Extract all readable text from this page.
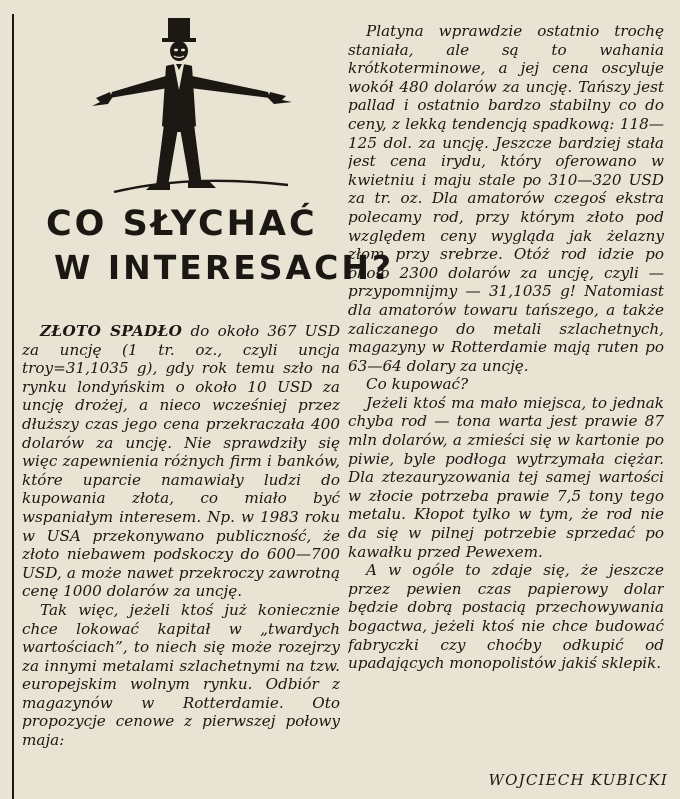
CO SŁYCHAĆ
W INTERESACH?

ZŁOTO SPADŁO do około 367 USD za uncję (1 tr. oz., czyli uncja troy=31,1035 g), gdy rok temu szło na rynku londyńskim o około 10 USD za uncję drożej, a nieco wcześniej przez dłuższy czas jego cena przekraczała 400 dolarów za uncję. Nie sprawdziły się więc zapewnienia różnych firm i banków, które uparcie namawiały ludzi do kupowania złota, co miało być wspaniałym interesem. Np. w 1983 roku w USA przekonywano publiczność, że złoto niebawem podskoczy do 600—700 USD, a może nawet przekroczy zawrotną cenę 1000 dolarów za uncję.

Tak więc, jeżeli ktoś już koniecznie chce lokować kapitał w „twardych wartościach”, to niech się może rozejrzy za innymi metalami szlachetnymi na tzw. europejskim wolnym rynku. Odbiór z magazynów w Rotterdamie. Oto propozycje cenowe z pierwszej połowy maja:

Platyna wprawdzie ostatnio trochę staniała, ale są to wahania krótkoterminowe, a jej cena oscyluje wokół 480 dolarów za uncję. Tańszy jest pallad i ostatnio bardzo stabilny co do ceny, z lekką tendencją spadkową: 118—125 dol. za uncję. Jeszcze bardziej stała jest cena irydu, który oferowano w kwietniu i maju stale po 310—320 USD za tr. oz. Dla amatorów czegoś ekstra polecamy rod, przy którym złoto pod względem ceny wygląda jak żelazny złom przy srebrze. Otóż rod idzie po około 2300 dolarów za uncję, czyli — przypomnijmy — 31,1035 g! Natomiast dla amatorów towaru tańszego, a także zaliczanego do metali szlachetnych, magazyny w Rotterdamie mają ruten po 63—64 dolary za uncję.

Co kupować?

Jeżeli ktoś ma mało miejsca, to jednak chyba rod — tona warta jest prawie 87 mln dolarów, a zmieści się w kartonie po piwie, byle podłoga wytrzymała ciężar. Dla ztezauryzowania tej samej wartości w złocie potrzeba prawie 7,5 tony tego metalu. Kłopot tylko w tym, że rod nie da się w pilnej potrzebie sprzedać po kawałku przed Pewexem.

A w ogóle to zdaje się, że jeszcze przez pewien czas papierowy dolar będzie dobrą postacią przechowywania bogactwa, jeżeli ktoś nie chce budować fabryczki czy choćby odkupić od upadających monopolistów jakiś sklepik.

WOJCIECH KUBICKI
